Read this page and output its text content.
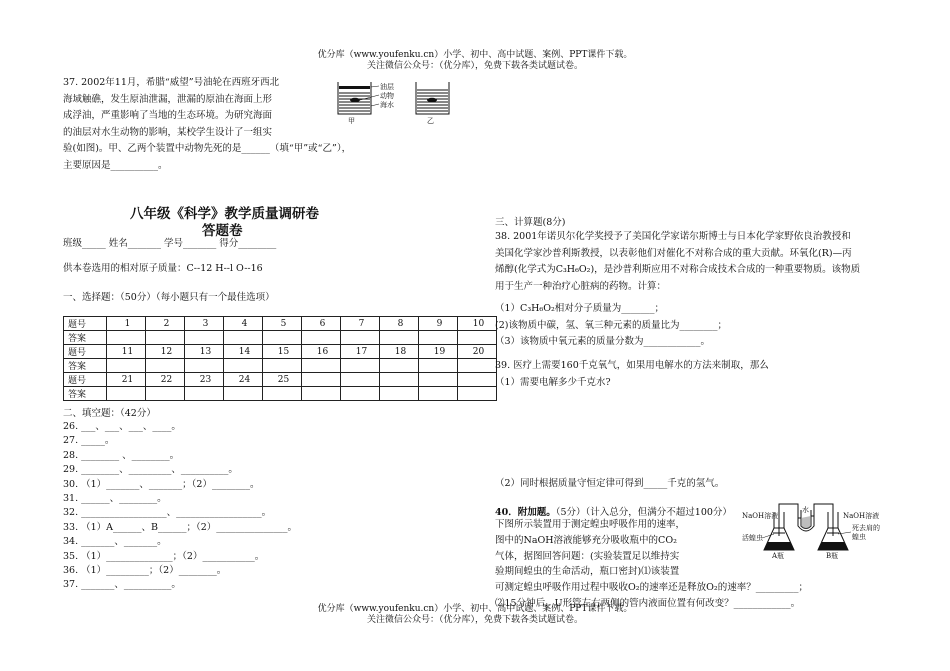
优分库（www.youfenku.cn）小学、初中、高中试题、案例、PPT课件下载。
关注微信公众号：（优分库），免费下载各类试题试卷。
37. 2002年11月，希腊“威望”号油轮在西班牙西北
海域触礁，发生原油泄漏，泄漏的原油在海面上形
成浮油，严重影响了当地的生态环境。为研究海面
的油层对水生动物的影响，某校学生设计了一组实
验(如图)。甲、乙两个装置中动物先死的是______（填“甲”或“乙”），
主要原因是__________。
油层
动物
海水
甲	乙
八年级《科学》教学质量调研卷
答题卷
班级_____ 姓名_______ 学号_______ 得分________
供本卷选用的相对原子质量：C--12 H--l O--16
一、选择题：（50分）（每小题只有一个最佳选项）
题号	1	2	3	4	5	6	7	8	9	10
答案										
题号	11	12	13	14	15	16	17	18	19	20
答案										
题号	21	22	23	24	25					
答案										
二、填空题：（42分）
26. ___、___、___、____。
27. _____。
28. ________ 、________。
29. ________、_________、__________。
30. （1）_______、_______；（2）________。
31. ______、________。
32. __________________、__________________。
33. （1）A______、B______；（2）_______________。
34. _______、_______。
35. （1）______________；（2）___________。
36. （1）_________；（2）________。
37. _______、__________。
三、计算题(8分)
38. 2001年诺贝尔化学奖授予了美国化学家诺尔斯博士与日本化学家野依良治教授和
美国化学家沙普利斯教授，以表彰他们对催化不对称合成的重大贡献。环氧化(R)—丙
烯醇(化学式为C₃H₆O₂)，是沙普利斯应用不对称合成技术合成的一种重要物质。该物质
用于生产一种治疗心脏病的药物。计算：
（1）C₃H₆O₂相对分子质量为_______；
(2)该物质中碳，氢、氧三种元素的质量比为________；
（3）该物质中氧元素的质量分数为____________。
39. 医疗上需要160千克氧气，如果用电解水的方法来制取，那么
（1）需要电解多少千克水?
（2）同时根据质量守恒定律可得到_____千克的氢气。
40．附加题。（5分）（计入总分，但满分不超过100分）
下图所示装置用于测定蝗虫呼吸作用的速率，
图中的NaOH溶液能够充分吸收瓶中的CO₂
气体，据图回答问题：(实验装置足以维持实
验期间蝗虫的生命活动，瓶口密封)⑴该装置
可测定蝗虫呼吸作用过程中吸收O₂的速率还是释放O₂的速率？_________；
⑵15分钟后，U形管左右两侧的管内液面位置有何改变？____________。
NaOH溶液	NaOH溶液
水
活蝗虫
死去肩的
蝗虫
A瓶	B瓶
优分库（www.youfenku.cn）小学、初中、高中试题、案例、PPT课件下载。
关注微信公众号：（优分库），免费下载各类试题试卷。
